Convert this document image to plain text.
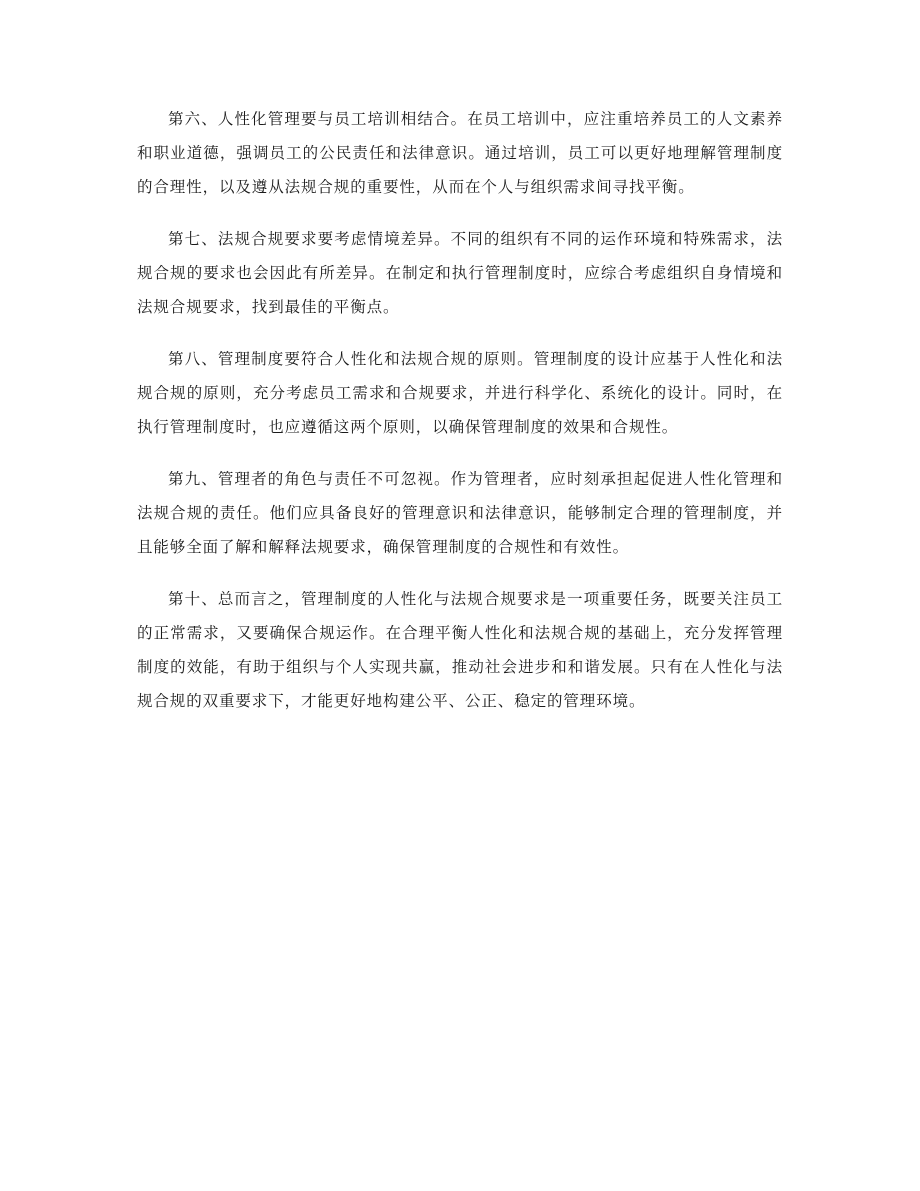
第六、人性化管理要与员工培训相结合。在员工培训中，应注重培养员工的人文素养和职业道德，强调员工的公民责任和法律意识。通过培训，员工可以更好地理解管理制度的合理性，以及遵从法规合规的重要性，从而在个人与组织需求间寻找平衡。

第七、法规合规要求要考虑情境差异。不同的组织有不同的运作环境和特殊需求，法规合规的要求也会因此有所差异。在制定和执行管理制度时，应综合考虑组织自身情境和法规合规要求，找到最佳的平衡点。

第八、管理制度要符合人性化和法规合规的原则。管理制度的设计应基于人性化和法规合规的原则，充分考虑员工需求和合规要求，并进行科学化、系统化的设计。同时，在执行管理制度时，也应遵循这两个原则，以确保管理制度的效果和合规性。

第九、管理者的角色与责任不可忽视。作为管理者，应时刻承担起促进人性化管理和法规合规的责任。他们应具备良好的管理意识和法律意识，能够制定合理的管理制度，并且能够全面了解和解释法规要求，确保管理制度的合规性和有效性。

第十、总而言之，管理制度的人性化与法规合规要求是一项重要任务，既要关注员工的正常需求，又要确保合规运作。在合理平衡人性化和法规合规的基础上，充分发挥管理制度的效能，有助于组织与个人实现共赢，推动社会进步和和谐发展。只有在人性化与法规合规的双重要求下，才能更好地构建公平、公正、稳定的管理环境。
